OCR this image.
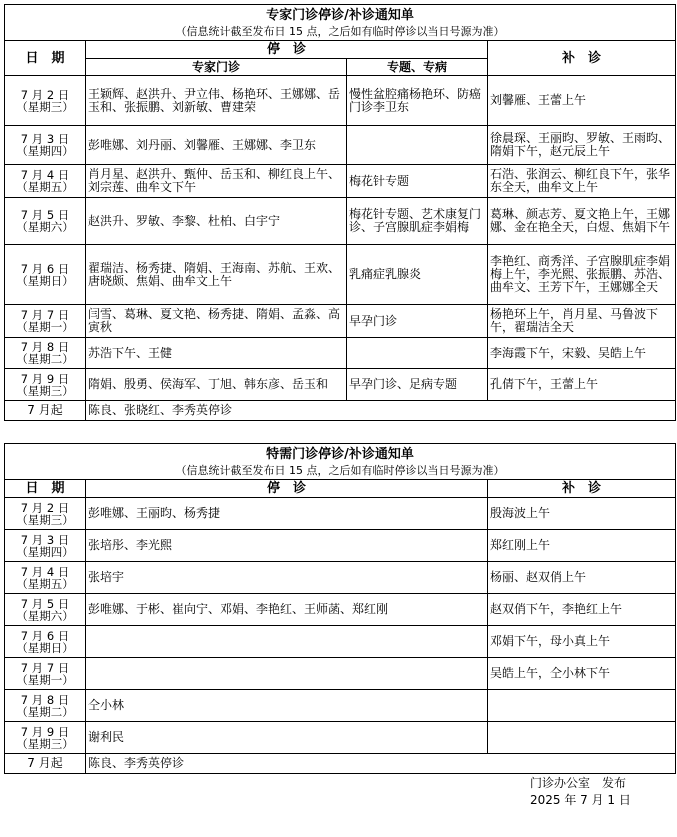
专家门诊停诊/补诊通知单
（信息统计截至发布日 15 点，之后如有临时停诊以当日号源为准）			

日　期	停　诊		补　诊
	专家门诊	专题、专病	

7 月 2 日
（星期三）	王颖辉、赵洪升、尹立伟、杨艳环、王娜娜、岳玉和、张振鹏、刘新敏、曹建荣	慢性盆腔痛杨艳环、防癌门诊李卫东	刘馨雁、王蕾上午

7 月 3 日
（星期四）	彭唯娜、刘丹丽、刘馨雁、王娜娜、李卫东		徐晨琛、王丽昀、罗敏、王雨昀、隋娟下午，赵元辰上午

7 月 4 日
（星期五）	肖月星、赵洪升、甄仲、岳玉和、柳红良上午、刘宗莲、曲牟文下午	梅花针专题	石浩、张润云、柳红良下午，张华东全天，曲牟文上午

7 月 5 日
（星期六）	赵洪升、罗敏、李黎、杜柏、白宇宁	梅花针专题、艺术康复门诊、子宫腺肌症李娟梅	葛琳、颜志芳、夏文艳上午，王娜娜、金在艳全天，白煜、焦娟下午

7 月 6 日
（星期日）	翟瑞洁、杨秀捷、隋娟、王海南、苏航、王欢、唐晓颇、焦娟、曲牟文上午	乳痛症乳腺炎	李艳红、商秀洋、子宫腺肌症李娟梅上午，李光熙、张振鹏、苏浩、曲牟文、王芳下午，王娜娜全天

7 月 7 日
（星期一）	闫雪、葛琳、夏文艳、杨秀捷、隋娟、孟淼、高寅秋	早孕门诊	杨艳环上午，肖月星、马鲁波下午，翟瑞洁全天

7 月 8 日
（星期二）	苏浩下午、王健		李海霞下午，宋毅、吴皓上午

7 月 9 日
（星期三）	隋娟、殷勇、侯海军、丁旭、韩东彦、岳玉和	早孕门诊、足病专题	孔倩下午，王蕾上午
7 月起	陈良、张晓红、李秀英停诊		
特需门诊停诊/补诊通知单
（信息统计截至发布日 15 点，之后如有临时停诊以当日号源为准）		

日　期	停　诊	补　诊

7 月 2 日
（星期三）	彭唯娜、王丽昀、杨秀捷	殷海波上午

7 月 3 日
（星期四）	张培彤、李光熙	郑红刚上午

7 月 4 日
（星期五）	张培宇	杨丽、赵双俏上午

7 月 5 日
（星期六）	彭唯娜、于彬、崔向宁、邓娟、李艳红、王师菡、郑红刚	赵双俏下午，李艳红上午

7 月 6 日
（星期日）		邓娟下午，母小真上午

7 月 7 日
（星期一）		吴皓上午，仝小林下午

7 月 8 日
（星期二）	仝小林	

7 月 9 日
（星期三）	谢利民	
7 月起	陈良、李秀英停诊	
门诊办公室　发布
2025 年 7 月 1 日
